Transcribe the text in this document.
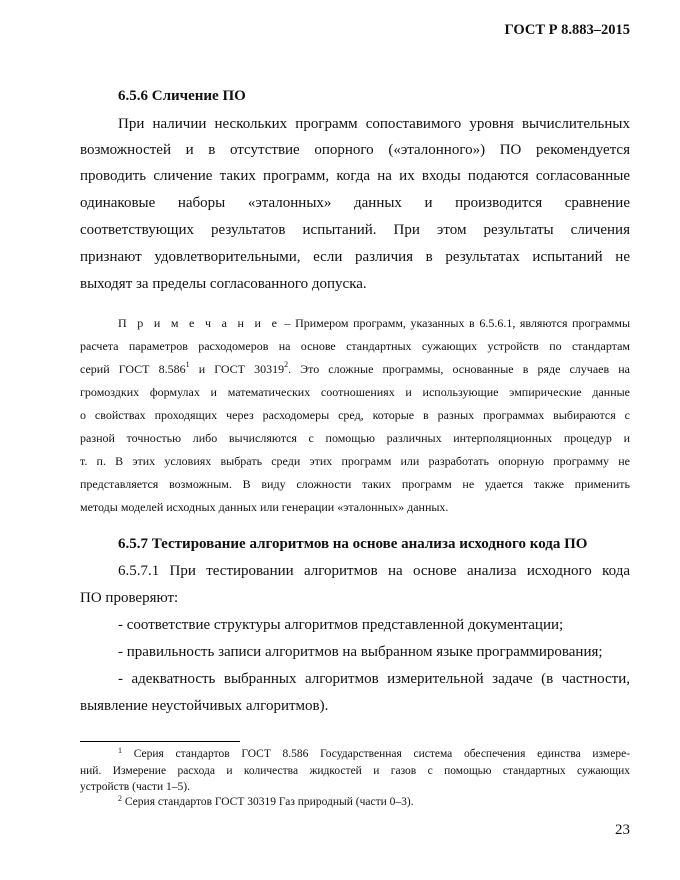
ГОСТ Р 8.883–2015
6.5.6 Сличение ПО
При наличии нескольких программ сопоставимого уровня вычислительных
возможностей и в отсутствие опорного («эталонного») ПО рекомендуется
проводить сличение таких программ, когда на их входы подаются согласованные
одинаковые наборы «эталонных» данных и производится сравнение
соответствующих результатов испытаний. При этом результаты сличения
признают удовлетворительными, если различия в результатах испытаний не
выходят за пределы согласованного допуска.
П р и м е ч а н и е – Примером программ, указанных в 6.5.6.1, являются программы
расчета параметров расходомеров на основе стандартных сужающих устройств по стандартам
серий ГОСТ 8.586$^1$ и ГОСТ 30319$^2$. Это сложные программы, основанные в ряде случаев на
громоздких формулах и математических соотношениях и использующие эмпирические данные
о свойствах проходящих через расходомеры сред, которые в разных программах выбираются с
разной точностью либо вычисляются с помощью различных интерполяционных процедур и
т. п. В этих условиях выбрать среди этих программ или разработать опорную программу не
представляется возможным. В виду сложности таких программ не удается также применить
методы моделей исходных данных или генерации «эталонных» данных.
6.5.7 Тестирование алгоритмов на основе анализа исходного кода ПО
6.5.7.1 При тестировании алгоритмов на основе анализа исходного кода
ПО проверяют:
- соответствие структуры алгоритмов представленной документации;
- правильность записи алгоритмов на выбранном языке программирования;
- адекватность выбранных алгоритмов измерительной задаче (в частности,
выявление неустойчивых алгоритмов).
$^1$ Серия стандартов ГОСТ 8.586 Государственная система обеспечения единства измере-
ний. Измерение расхода и количества жидкостей и газов с помощью стандартных сужающих
устройств (части 1–5).
$^2$ Серия стандартов ГОСТ 30319 Газ природный (части 0–3).
23
